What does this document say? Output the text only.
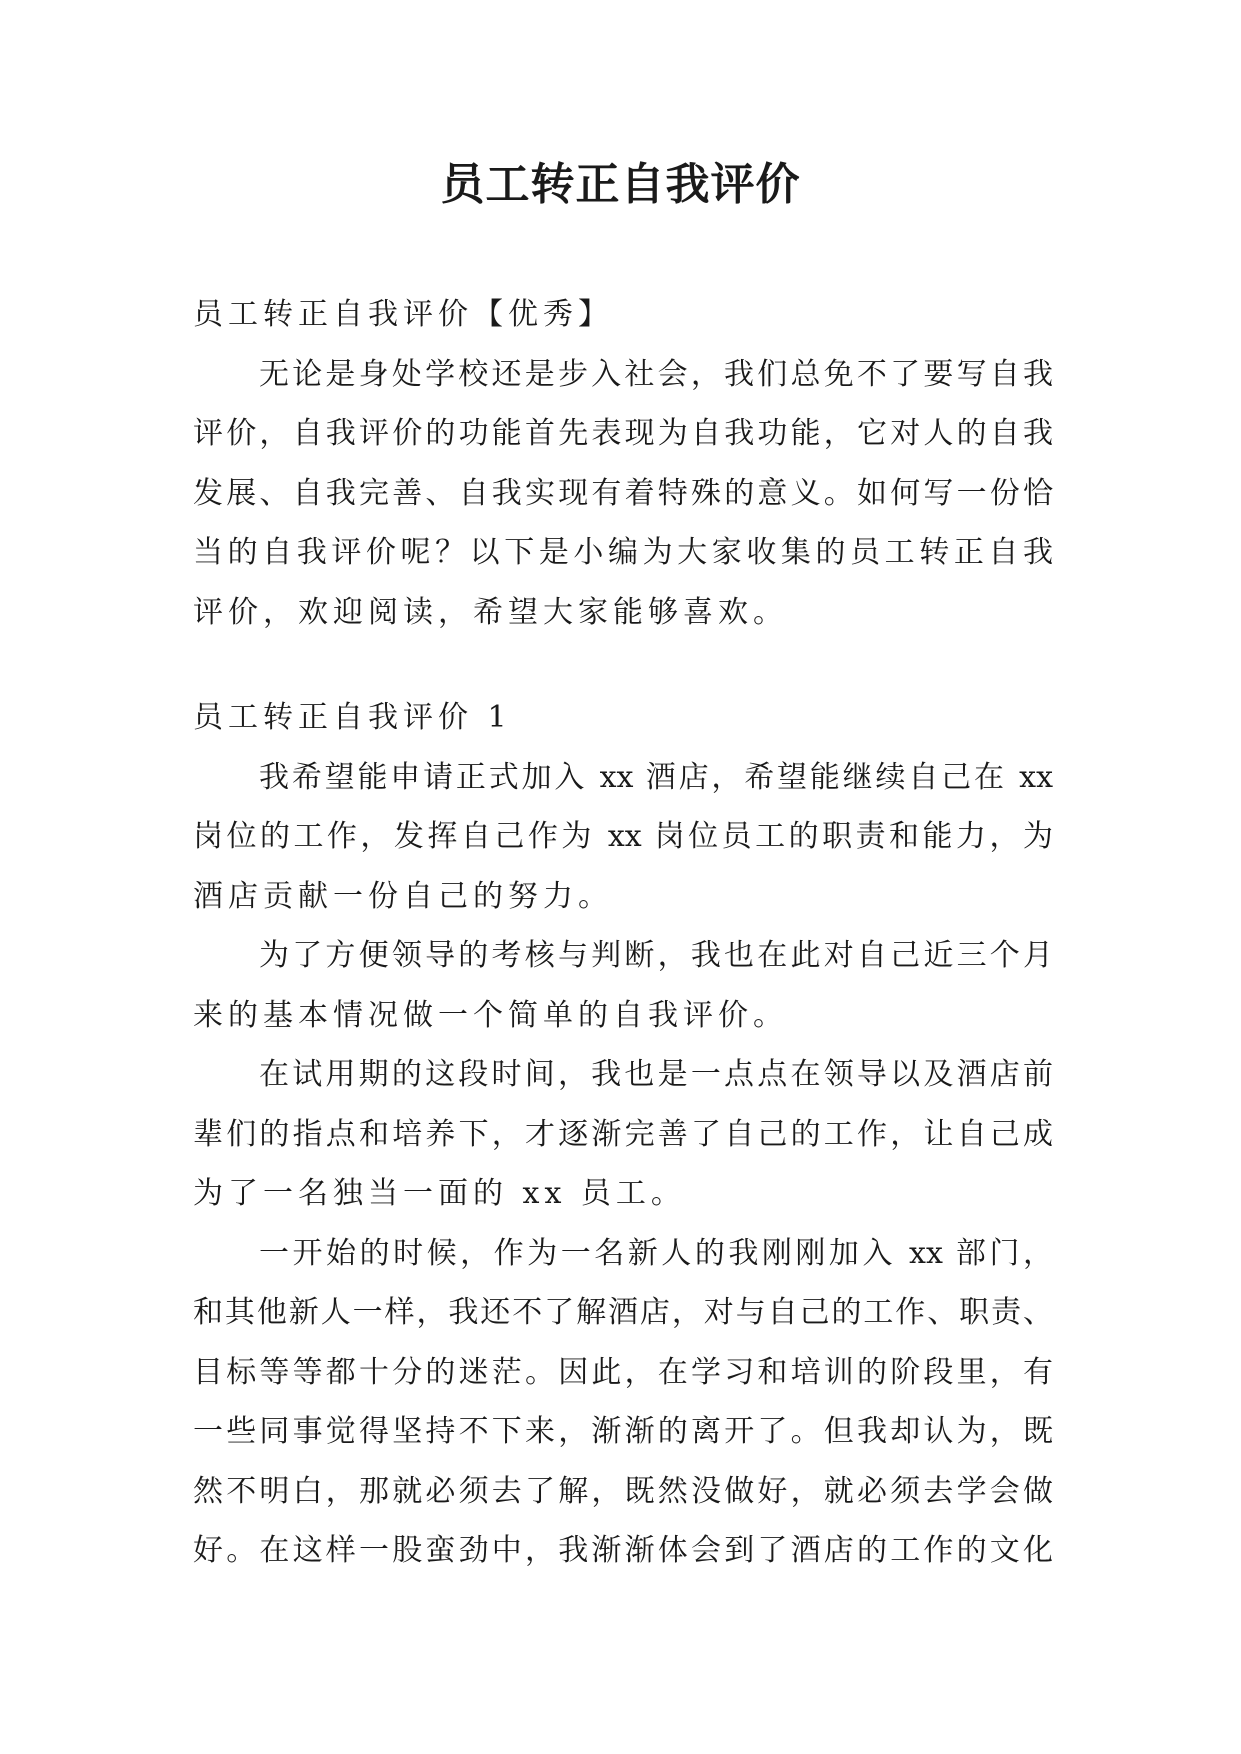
员工转正自我评价
员工转正自我评价【优秀】
无论是身处学校还是步入社会，我们总免不了要写自我
评价，自我评价的功能首先表现为自我功能，它对人的自我
发展、自我完善、自我实现有着特殊的意义。如何写一份恰
当的自我评价呢？以下是小编为大家收集的员工转正自我
评价，欢迎阅读，希望大家能够喜欢。
员工转正自我评价 1
我希望能申请正式加入 xx 酒店，希望能继续自己在 xx
岗位的工作，发挥自己作为 xx 岗位员工的职责和能力，为
酒店贡献一份自己的努力。
为了方便领导的考核与判断，我也在此对自己近三个月
来的基本情况做一个简单的自我评价。
在试用期的这段时间，我也是一点点在领导以及酒店前
辈们的指点和培养下，才逐渐完善了自己的工作，让自己成
为了一名独当一面的 xx 员工。
一开始的时候，作为一名新人的我刚刚加入 xx 部门，
和其他新人一样，我还不了解酒店，对与自己的工作、职责、
目标等等都十分的迷茫。因此，在学习和培训的阶段里，有
一些同事觉得坚持不下来，渐渐的离开了。但我却认为，既
然不明白，那就必须去了解，既然没做好，就必须去学会做
好。在这样一股蛮劲中，我渐渐体会到了酒店的工作的文化
